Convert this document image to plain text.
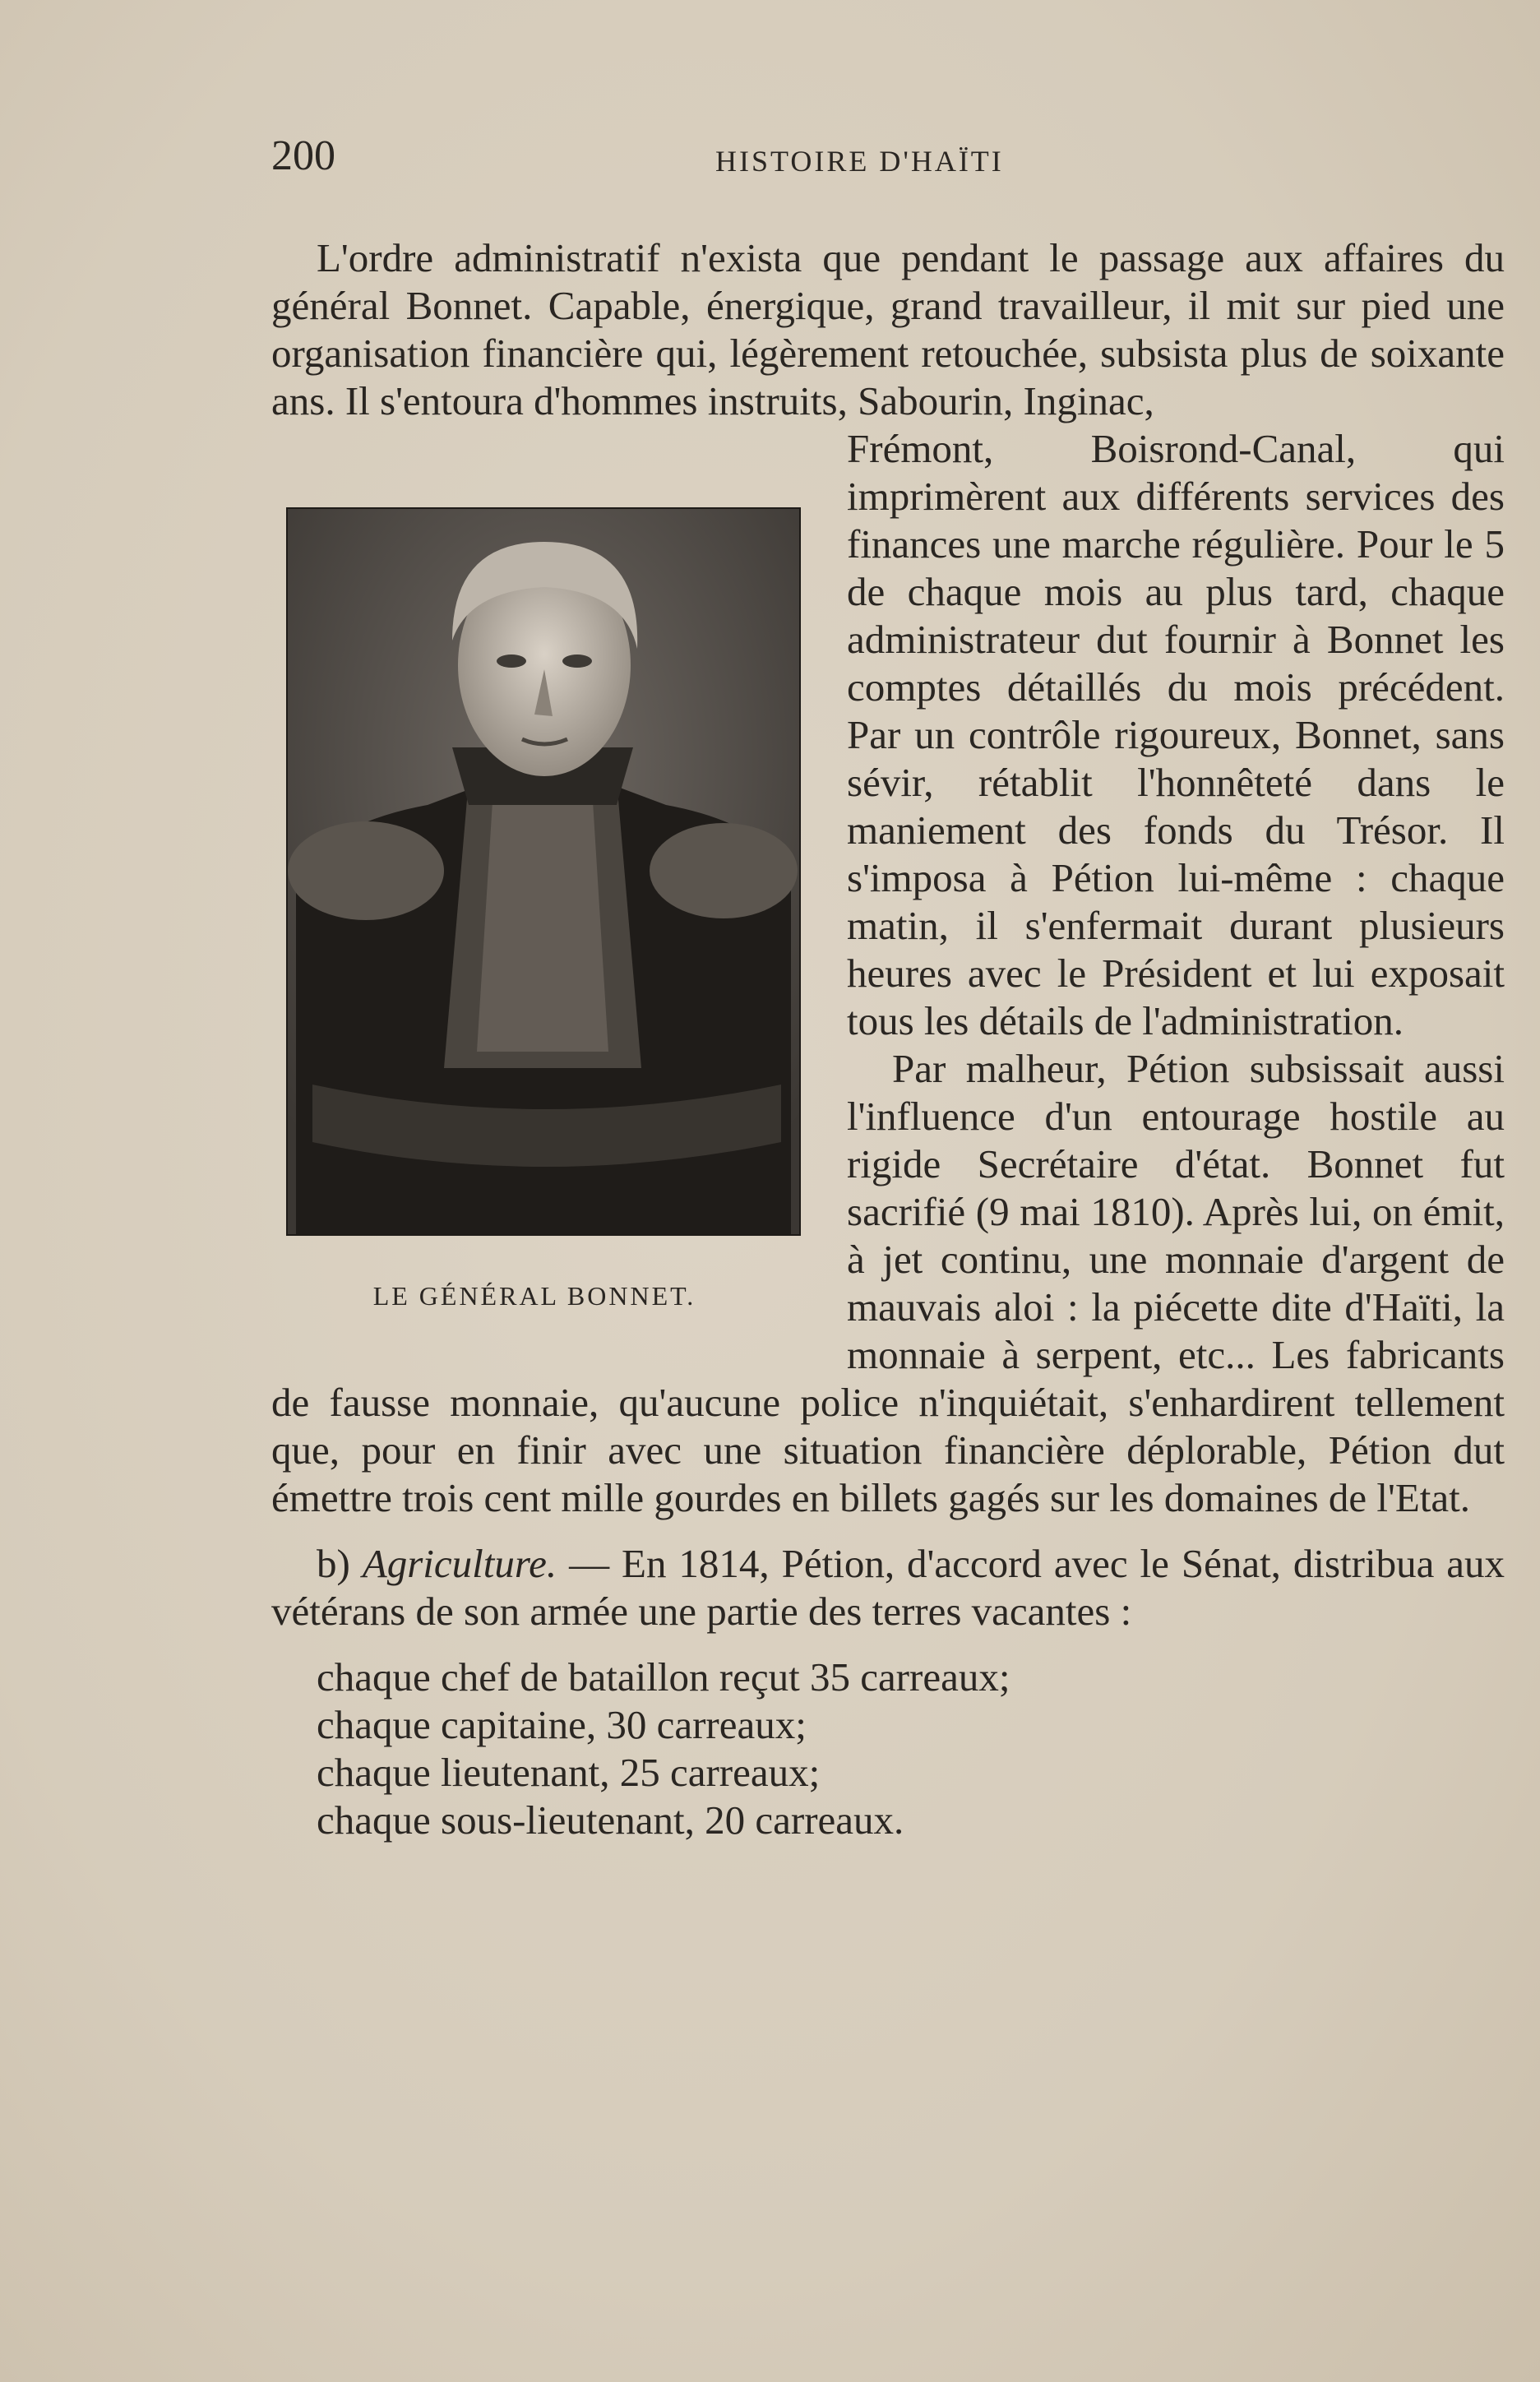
200	HISTOIRE D'HAÏTI

L'ordre administratif n'exista que pendant le passage aux affaires du général Bonnet. Capable, énergique, grand travailleur, il mit sur pied une organisation financière qui, légèrement retouchée, subsista plus de soixante ans. Il s'entoura d'hommes instruits, Sabourin, Inginac,

LE GÉNÉRAL BONNET.

Frémont, Boisrond-Canal, qui imprimèrent aux différents services des finances une marche régulière. Pour le 5 de chaque mois au plus tard, chaque administrateur dut fournir à Bonnet les comptes détaillés du mois précédent. Par un contrôle rigoureux, Bonnet, sans sévir, rétablit l'honnêteté dans le maniement des fonds du Trésor. Il s'imposa à Pétion lui-même : chaque matin, il s'enfermait durant plusieurs heures avec le Président et lui exposait tous les détails de l'administration.

Par malheur, Pétion subsissait aussi l'influence d'un entourage hostile au rigide Secrétaire d'état. Bonnet fut sacrifié (9 mai 1810). Après lui, on émit, à jet continu, une monnaie d'argent de mauvais aloi : la piécette dite d'Haïti, la monnaie à serpent, etc... Les fabricants de fausse monnaie, qu'aucune police n'inquiétait, s'enhardirent tellement que, pour en finir avec une situation financière déplorable, Pétion dut émettre trois cent mille gourdes en billets gagés sur les domaines de l'Etat.

b) Agriculture. — En 1814, Pétion, d'accord avec le Sénat, distribua aux vétérans de son armée une partie des terres vacantes :

chaque chef de bataillon reçut 35 carreaux;
chaque capitaine, 30 carreaux;
chaque lieutenant, 25 carreaux;
chaque sous-lieutenant, 20 carreaux.
